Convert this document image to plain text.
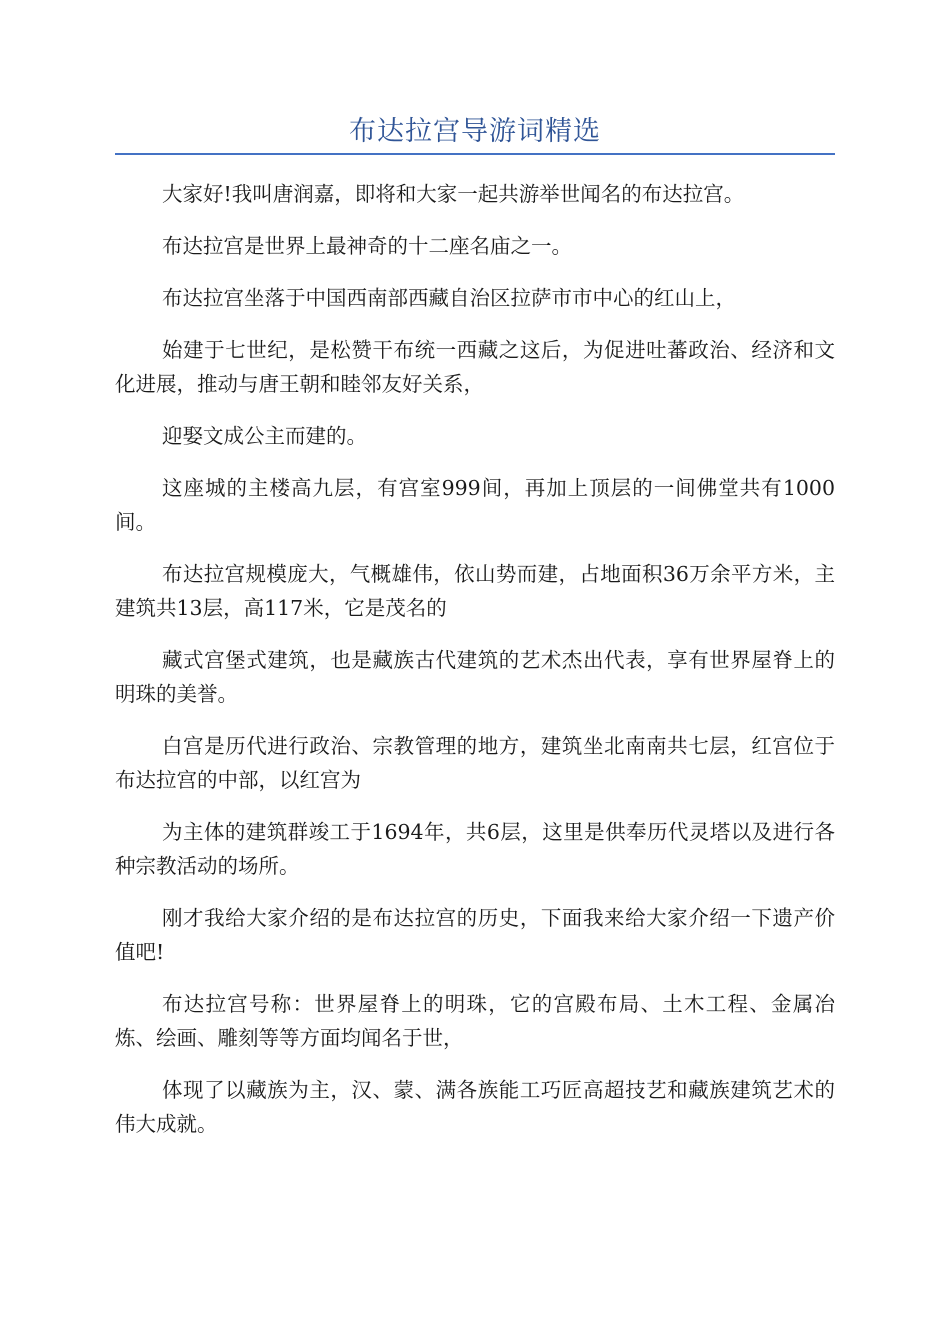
布达拉宫导游词精选

大家好!我叫唐润嘉，即将和大家一起共游举世闻名的布达拉宫。

布达拉宫是世界上最神奇的十二座名庙之一。

布达拉宫坐落于中国西南部西藏自治区拉萨市市中心的红山上，

始建于七世纪，是松赞干布统一西藏之这后，为促进吐蕃政治、经济和文化进展，推动与唐王朝和睦邻友好关系，

迎娶文成公主而建的。

这座城的主楼高九层，有宫室999间，再加上顶层的一间佛堂共有1000间。

布达拉宫规模庞大，气概雄伟，依山势而建，占地面积36万余平方米，主建筑共13层，高117米，它是茂名的

藏式宫堡式建筑，也是藏族古代建筑的艺术杰出代表，享有世界屋脊上的明珠的美誉。

白宫是历代进行政治、宗教管理的地方，建筑坐北南南共七层，红宫位于布达拉宫的中部，以红宫为

为主体的建筑群竣工于1694年，共6层，这里是供奉历代灵塔以及进行各种宗教活动的场所。

刚才我给大家介绍的是布达拉宫的历史，下面我来给大家介绍一下遗产价值吧!

布达拉宫号称：世界屋脊上的明珠，它的宫殿布局、土木工程、金属冶炼、绘画、雕刻等等方面均闻名于世，

体现了以藏族为主，汉、蒙、满各族能工巧匠高超技艺和藏族建筑艺术的伟大成就。
